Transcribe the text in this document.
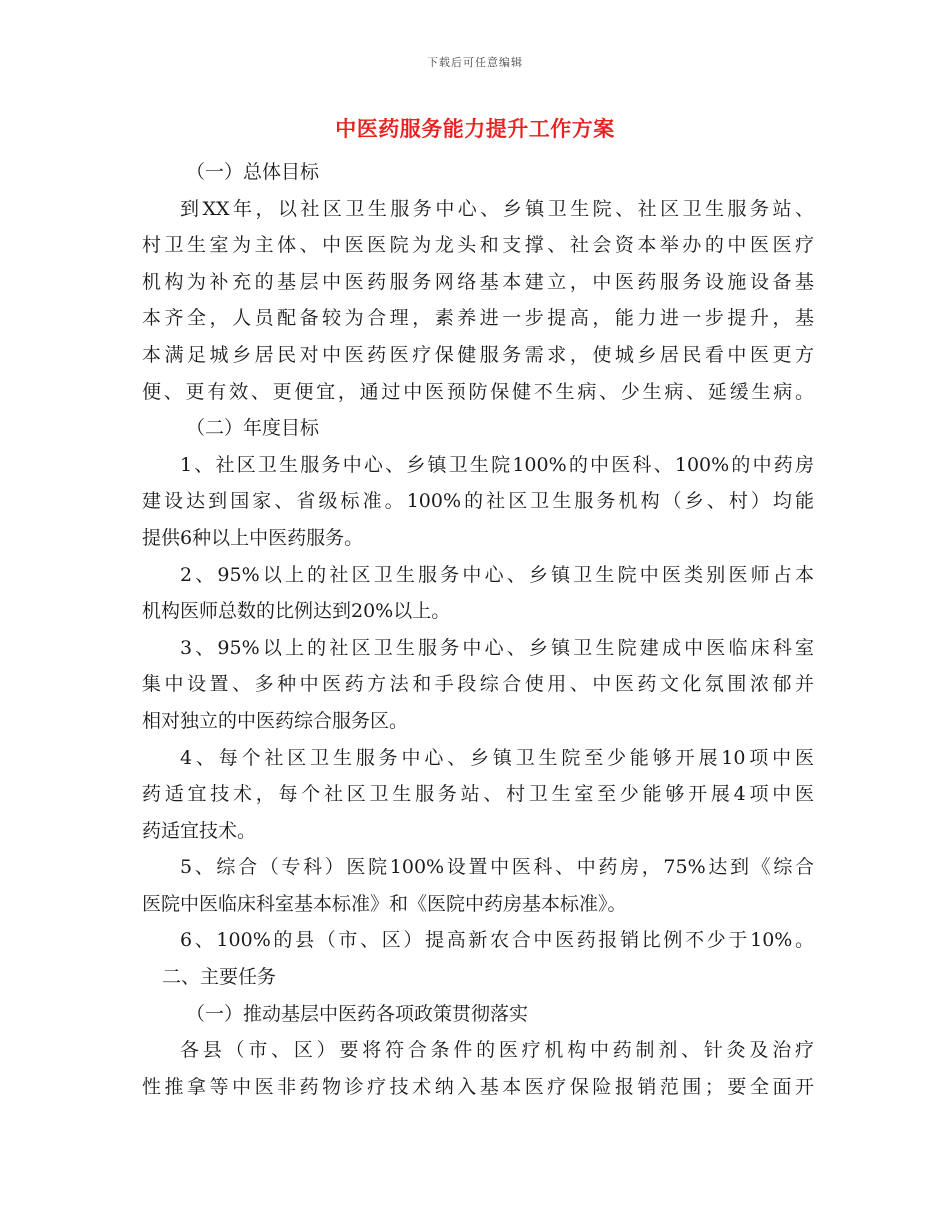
下载后可任意编辑
中医药服务能力提升工作方案
（一）总体目标
到XX年，以社区卫生服务中心、乡镇卫生院、社区卫生服务站、
村卫生室为主体、中医医院为龙头和支撑、社会资本举办的中医医疗
机构为补充的基层中医药服务网络基本建立，中医药服务设施设备基
本齐全，人员配备较为合理，素养进一步提高，能力进一步提升，基
本满足城乡居民对中医药医疗保健服务需求，使城乡居民看中医更方
便、更有效、更便宜，通过中医预防保健不生病、少生病、延缓生病。
（二）年度目标
1、社区卫生服务中心、乡镇卫生院100%的中医科、100%的中药房
建设达到国家、省级标准。100%的社区卫生服务机构（乡、村）均能
提供6种以上中医药服务。
2、95%以上的社区卫生服务中心、乡镇卫生院中医类别医师占本
机构医师总数的比例达到20%以上。
3、95%以上的社区卫生服务中心、乡镇卫生院建成中医临床科室
集中设置、多种中医药方法和手段综合使用、中医药文化氛围浓郁并
相对独立的中医药综合服务区。
4、每个社区卫生服务中心、乡镇卫生院至少能够开展10项中医
药适宜技术，每个社区卫生服务站、村卫生室至少能够开展4项中医
药适宜技术。
5、综合（专科）医院100%设置中医科、中药房，75%达到《综合
医院中医临床科室基本标准》和《医院中药房基本标准》。
6、100%的县（市、区）提高新农合中医药报销比例不少于10%。
二、主要任务
（一）推动基层中医药各项政策贯彻落实
各县（市、区）要将符合条件的医疗机构中药制剂、针灸及治疗
性推拿等中医非药物诊疗技术纳入基本医疗保险报销范围；要全面开
